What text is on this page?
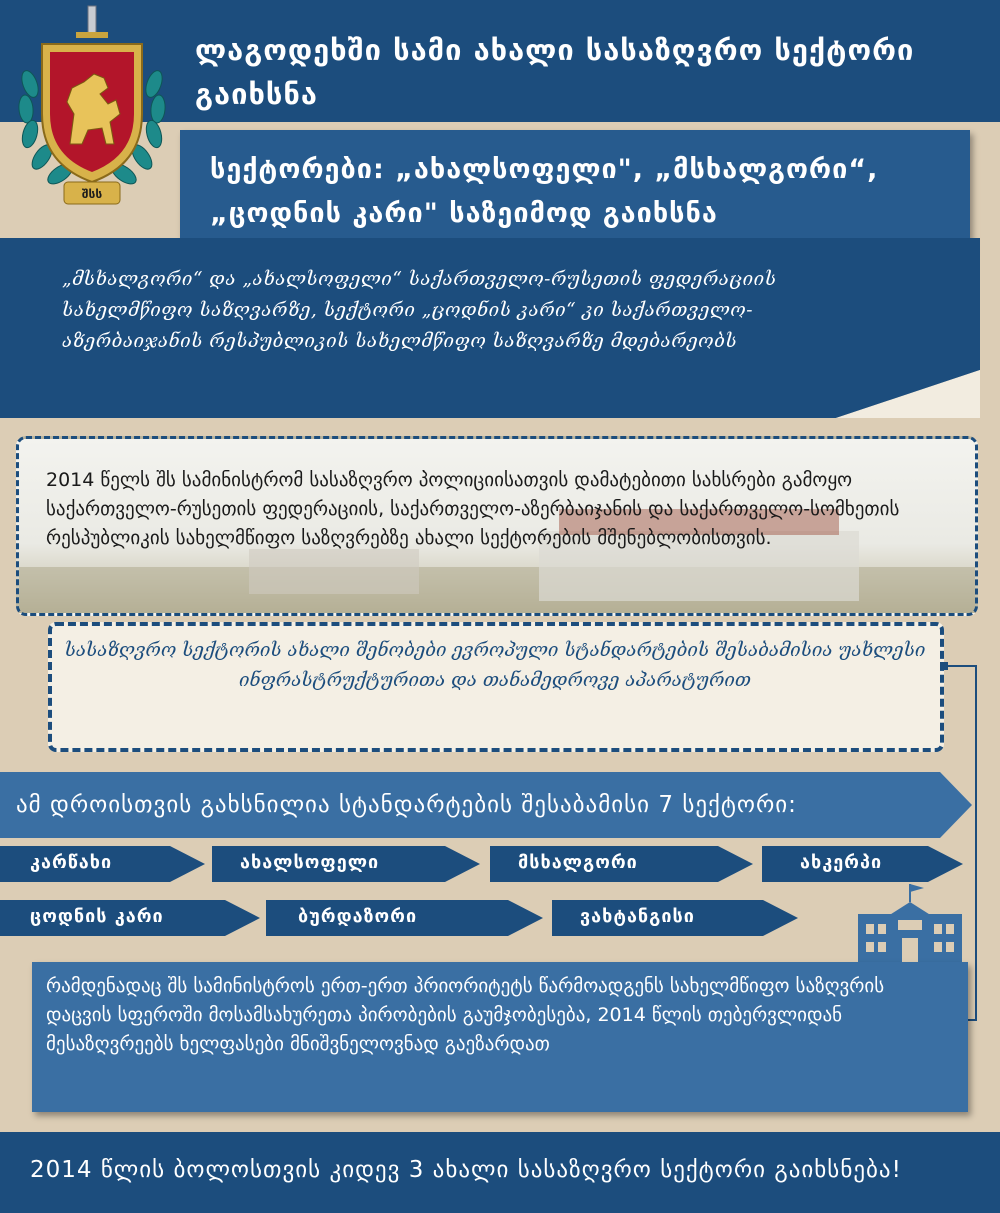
ლაგოდეხში სამი ახალი სასაზღვრო სექტორი გაიხსნა
სექტორები: „ახალსოფელი", „მსხალგორი“, „ცოდნის კარი" საზეიმოდ გაიხსნა

„მსხალგორი“ და „ახალსოფელი“ საქართველო-რუსეთის ფედერაციის სახელმწიფო საზღვარზე, სექტორი „ცოდნის კარი“ კი საქართველო-აზერბაიჯანის რესპუბლიკის სახელმწიფო საზღვარზე მდებარეობს

შსს

2014 წელს შს სამინისტრომ სასაზღვრო პოლიციისათვის დამატებითი სახსრები გამოყო საქართველო-რუსეთის ფედერაციის, საქართველო-აზერბაიჯანის და საქართველო-სომხეთის რესპუბლიკის სახელმწიფო საზღვრებზე ახალი სექტორების მშენებლობისთვის.

სასაზღვრო სექტორის ახალი შენობები ევროპული სტანდარტების შესაბამისია უახლესი ინფრასტრუქტურითა და თანამედროვე აპარატურით

ამ დროისთვის გახსნილია სტანდარტების შესაბამისი 7 სექტორი:

კარწახი	ახალსოფელი	მსხალგორი	ახკერპი
ცოდნის კარი	ბურდაზორი	ვახტანგისი

რამდენადაც შს სამინისტროს ერთ-ერთ პრიორიტეტს წარმოადგენს სახელმწიფო საზღვრის დაცვის სფეროში მოსამსახურეთა პირობების გაუმჯობესება, 2014 წლის თებერვლიდან მესაზღვრეებს ხელფასები მნიშვნელოვნად გაეზარდათ

2014 წლის ბოლოსთვის კიდევ 3 ახალი სასაზღვრო სექტორი გაიხსნება!
